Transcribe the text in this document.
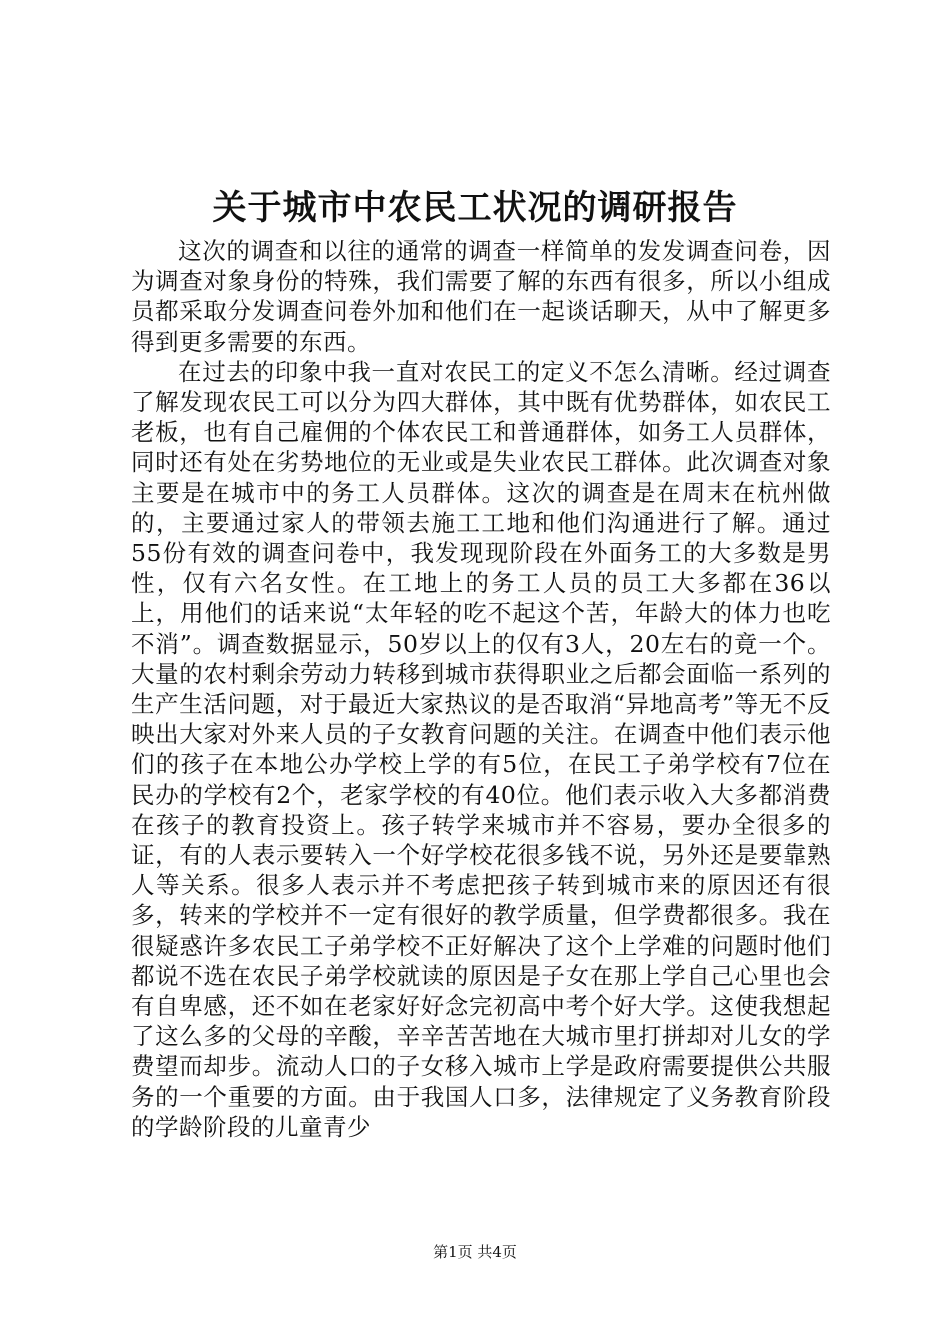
关于城市中农民工状况的调研报告

这次的调查和以往的通常的调查一样简单的发发调查问卷，因为调查对象身份的特殊，我们需要了解的东西有很多，所以小组成员都采取分发调查问卷外加和他们在一起谈话聊天，从中了解更多得到更多需要的东西。

在过去的印象中我一直对农民工的定义不怎么清晰。经过调查了解发现农民工可以分为四大群体，其中既有优势群体，如农民工老板，也有自己雇佣的个体农民工和普通群体，如务工人员群体，同时还有处在劣势地位的无业或是失业农民工群体。此次调查对象主要是在城市中的务工人员群体。这次的调查是在周末在杭州做的，主要通过家人的带领去施工工地和他们沟通进行了解。通过55份有效的调查问卷中，我发现现阶段在外面务工的大多数是男性，仅有六名女性。在工地上的务工人员的员工大多都在36以上，用他们的话来说“太年轻的吃不起这个苦，年龄大的体力也吃不消”。调查数据显示，50岁以上的仅有3人，20左右的竟一个。大量的农村剩余劳动力转移到城市获得职业之后都会面临一系列的生产生活问题，对于最近大家热议的是否取消“异地高考”等无不反映出大家对外来人员的子女教育问题的关注。在调查中他们表示他们的孩子在本地公办学校上学的有5位，在民工子弟学校有7位在民办的学校有2个，老家学校的有40位。他们表示收入大多都消费在孩子的教育投资上。孩子转学来城市并不容易，要办全很多的证，有的人表示要转入一个好学校花很多钱不说，另外还是要靠熟人等关系。很多人表示并不考虑把孩子转到城市来的原因还有很多，转来的学校并不一定有很好的教学质量，但学费都很多。我在很疑惑许多农民工子弟学校不正好解决了这个上学难的问题时他们都说不选在农民子弟学校就读的原因是子女在那上学自己心里也会有自卑感，还不如在老家好好念完初高中考个好大学。这使我想起了这么多的父母的辛酸，辛辛苦苦地在大城市里打拼却对儿女的学费望而却步。流动人口的子女移入城市上学是政府需要提供公共服务的一个重要的方面。由于我国人口多，法律规定了义务教育阶段的学龄阶段的儿童青少

第1页 共4页
